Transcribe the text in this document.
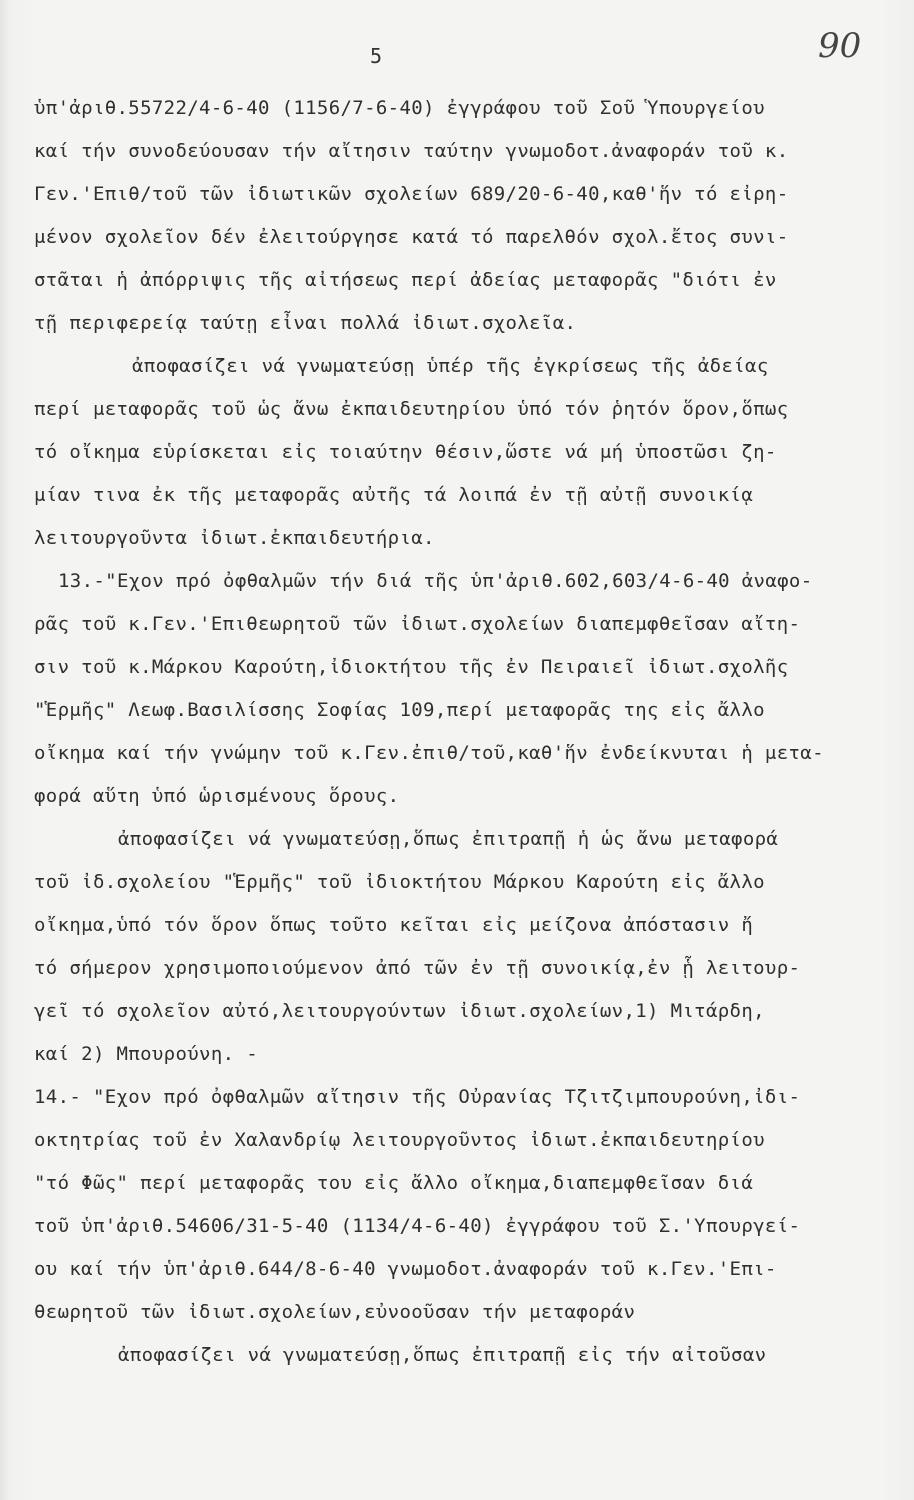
5	90
ὑπ'ἀριθ.55722/4-6-40 (1156/7-6-40) ἐγγράφου τοῦ Σοῦ Ὑπουργείου
καί τήν συνοδεύουσαν τήν αἴτησιν ταύτην γνωμοδοτ.ἀναφοράν τοῦ κ.
Γεν.'Επιθ/τοῦ τῶν ἰδιωτικῶν σχολείων 689/20-6-40,καθ'ἥν τό εἰρη-
μένον σχολεῖον δέν ἐλειτούργησε κατά τό παρελθόν σχολ.ἔτος συνι-
στᾶται ἡ ἀπόρριψις τῆς αἰτήσεως περί ἀδείας μεταφορᾶς "διότι ἐν
τῇ περιφερείᾳ ταύτῃ εἶναι πολλά ἰδιωτ.σχολεῖα.
ἀποφασίζει νά γνωματεύσῃ ὑπέρ τῆς ἐγκρίσεως τῆς ἀδείας
περί μεταφορᾶς τοῦ ὡς ἄνω ἐκπαιδευτηρίου ὑπό τόν ῥητόν ὅρον,ὅπως
τό οἴκημα εὑρίσκεται εἰς τοιαύτην θέσιν,ὥστε νά μή ὑποστῶσι ζη-
μίαν τινα ἐκ τῆς μεταφορᾶς αὐτῆς τά λοιπά ἐν τῇ αὐτῇ συνοικίᾳ
λειτουργοῦντα ἰδιωτ.ἐκπαιδευτήρια.
13.-"Εχον πρό ὀφθαλμῶν τήν διά τῆς ὑπ'ἀριθ.602,603/4-6-40 ἀναφο-
ρᾶς τοῦ κ.Γεν.'Επιθεωρητοῦ τῶν ἰδιωτ.σχολείων διαπεμφθεῖσαν αἴτη-
σιν τοῦ κ.Μάρκου Καρούτη,ἰδιοκτήτου τῆς ἐν Πειραιεῖ ἰδιωτ.σχολῆς
"Ἑρμῆς" Λεωφ.Βασιλίσσης Σοφίας 109,περί μεταφορᾶς της εἰς ἄλλο
οἴκημα καί τήν γνώμην τοῦ κ.Γεν.ἐπιθ/τοῦ,καθ'ἥν ἐνδείκνυται ἡ μετα-
φορά αὕτη ὑπό ὡρισμένους ὅρους.
ἀποφασίζει νά γνωματεύσῃ,ὅπως ἐπιτραπῇ ἡ ὡς ἄνω μεταφορά
τοῦ ἰδ.σχολείου "Ἑρμῆς" τοῦ ἰδιοκτήτου Μάρκου Καρούτη εἰς ἄλλο
οἴκημα,ὑπό τόν ὅρον ὅπως τοῦτο κεῖται εἰς μείζονα ἀπόστασιν ἤ
τό σήμερον χρησιμοποιούμενον ἀπό τῶν ἐν τῇ συνοικίᾳ,ἐν ᾗ λειτουρ-
γεῖ τό σχολεῖον αὐτό,λειτουργούντων ἰδιωτ.σχολείων,1) Μιτάρδη,
καί 2) Μπουρούνη. -
14.- "Εχον πρό ὀφθαλμῶν αἴτησιν τῆς Οὐρανίας Τζιτζιμπουρούνη,ἰδι-
οκτητρίας τοῦ ἐν Χαλανδρίῳ λειτουργοῦντος ἰδιωτ.ἐκπαιδευτηρίου
"τό Φῶς" περί μεταφορᾶς του εἰς ἄλλο οἴκημα,διαπεμφθεῖσαν διά
τοῦ ὑπ'ἀριθ.54606/31-5-40 (1134/4-6-40) ἐγγράφου τοῦ Σ.'Υπουργεί-
ου καί τήν ὑπ'ἀριθ.644/8-6-40 γνωμοδοτ.ἀναφοράν τοῦ κ.Γεν.'Επι-
θεωρητοῦ τῶν ἰδιωτ.σχολείων,εὐνοοῦσαν τήν μεταφοράν
ἀποφασίζει νά γνωματεύσῃ,ὅπως ἐπιτραπῇ εἰς τήν αἰτοῦσαν
